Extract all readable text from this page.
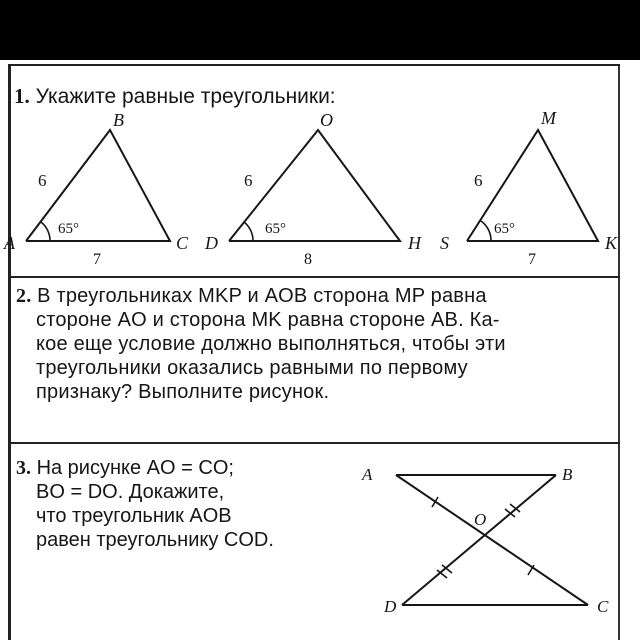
1. Укажите равные треугольники:
B
A	C
6
65°
7
O
D	H
6
65°
8
M
S	K
6
65°
7
A	B
O
D	C
2. В треугольниках MKP и AOB сторона MP равна
стороне AO и сторона MK равна стороне AB. Ка-
кое еще условие должно выполняться, чтобы эти
треугольники оказались равными по первому
признаку? Выполните рисунок.
3. На рисунке AO = CO;
BO = DO. Докажите,
что треугольник AOB
равен треугольнику COD.
